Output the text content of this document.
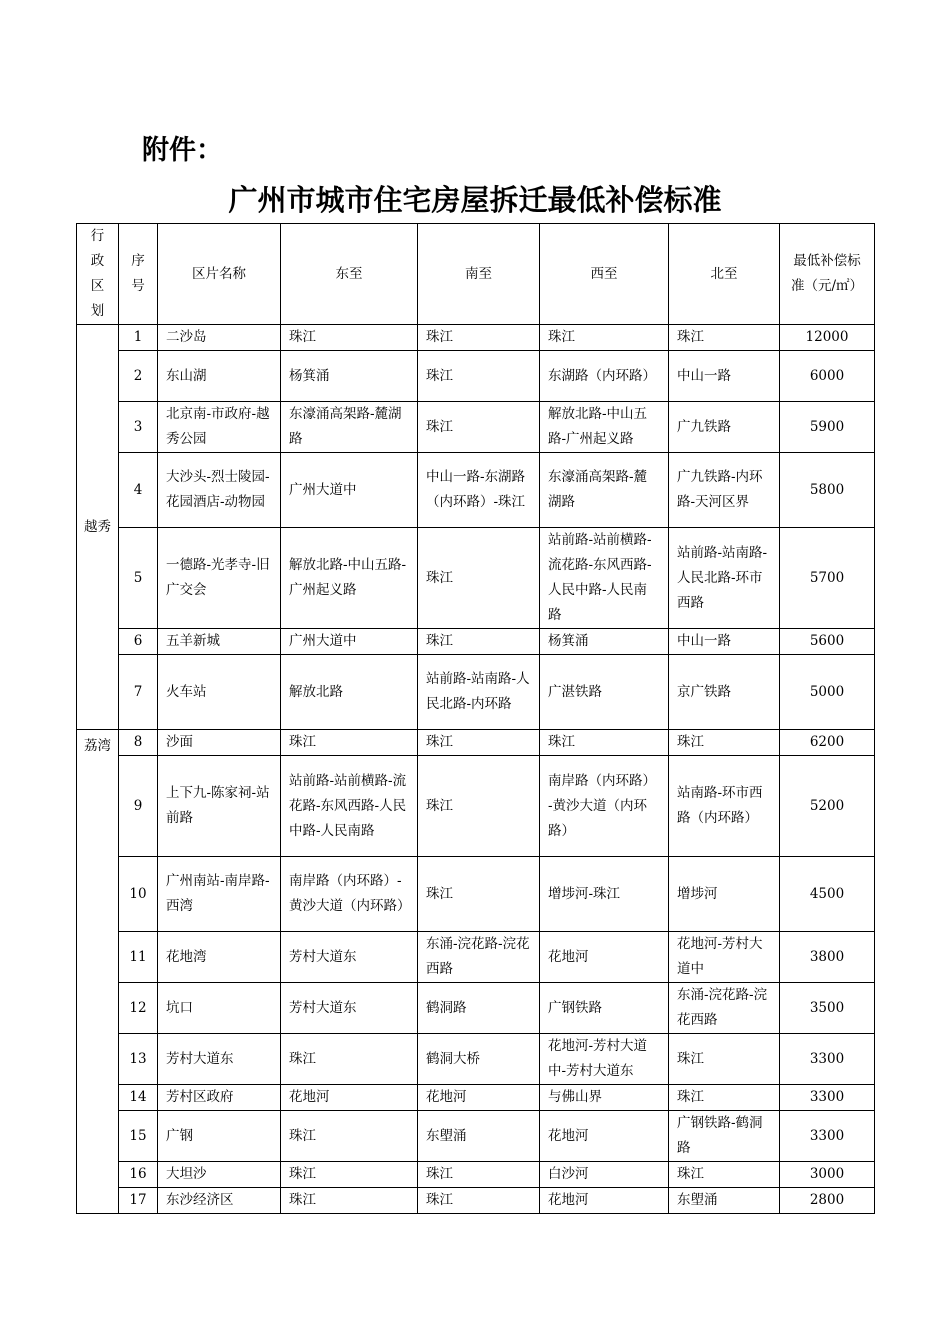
附件：
广州市城市住宅房屋拆迁最低补偿标准
行政区划	序号	区片名称	东至	南至	西至	北至	最低补偿标准（元/㎡）
越秀	1	二沙岛	珠江	珠江	珠江	珠江	12000
	2	东山湖	杨箕涌	珠江	东湖路（内环路）	中山一路	6000
	3	北京南-市政府-越秀公园	东濠涌高架路-麓湖路	珠江	解放北路-中山五路-广州起义路	广九铁路	5900
	4	大沙头-烈士陵园-花园酒店-动物园	广州大道中	中山一路-东湖路（内环路）-珠江	东濠涌高架路-麓湖路	广九铁路-内环路-天河区界	5800
	5	一德路-光孝寺-旧广交会	解放北路-中山五路-广州起义路	珠江	站前路-站前横路-流花路-东风西路-人民中路-人民南路	站前路-站南路-人民北路-环市西路	5700
	6	五羊新城	广州大道中	珠江	杨箕涌	中山一路	5600
	7	火车站	解放北路	站前路-站南路-人民北路-内环路	广湛铁路	京广铁路	5000
荔湾	8	沙面	珠江	珠江	珠江	珠江	6200
	9	上下九-陈家祠-站前路	站前路-站前横路-流花路-东风西路-人民中路-人民南路	珠江	南岸路（内环路）-黄沙大道（内环路）	站南路-环市西路（内环路）	5200
	10	广州南站-南岸路-西湾	南岸路（内环路）-黄沙大道（内环路）	珠江	增埗河-珠江	增埗河	4500
	11	花地湾	芳村大道东	东涌-浣花路-浣花西路	花地河	花地河-芳村大道中	3800
	12	坑口	芳村大道东	鹤洞路	广钢铁路	东涌-浣花路-浣花西路	3500
	13	芳村大道东	珠江	鹤洞大桥	花地河-芳村大道中-芳村大道东	珠江	3300
	14	芳村区政府	花地河	花地河	与佛山界	珠江	3300
	15	广钢	珠江	东塱涌	花地河	广钢铁路-鹤洞路	3300
	16	大坦沙	珠江	珠江	白沙河	珠江	3000
	17	东沙经济区	珠江	珠江	花地河	东塱涌	2800
